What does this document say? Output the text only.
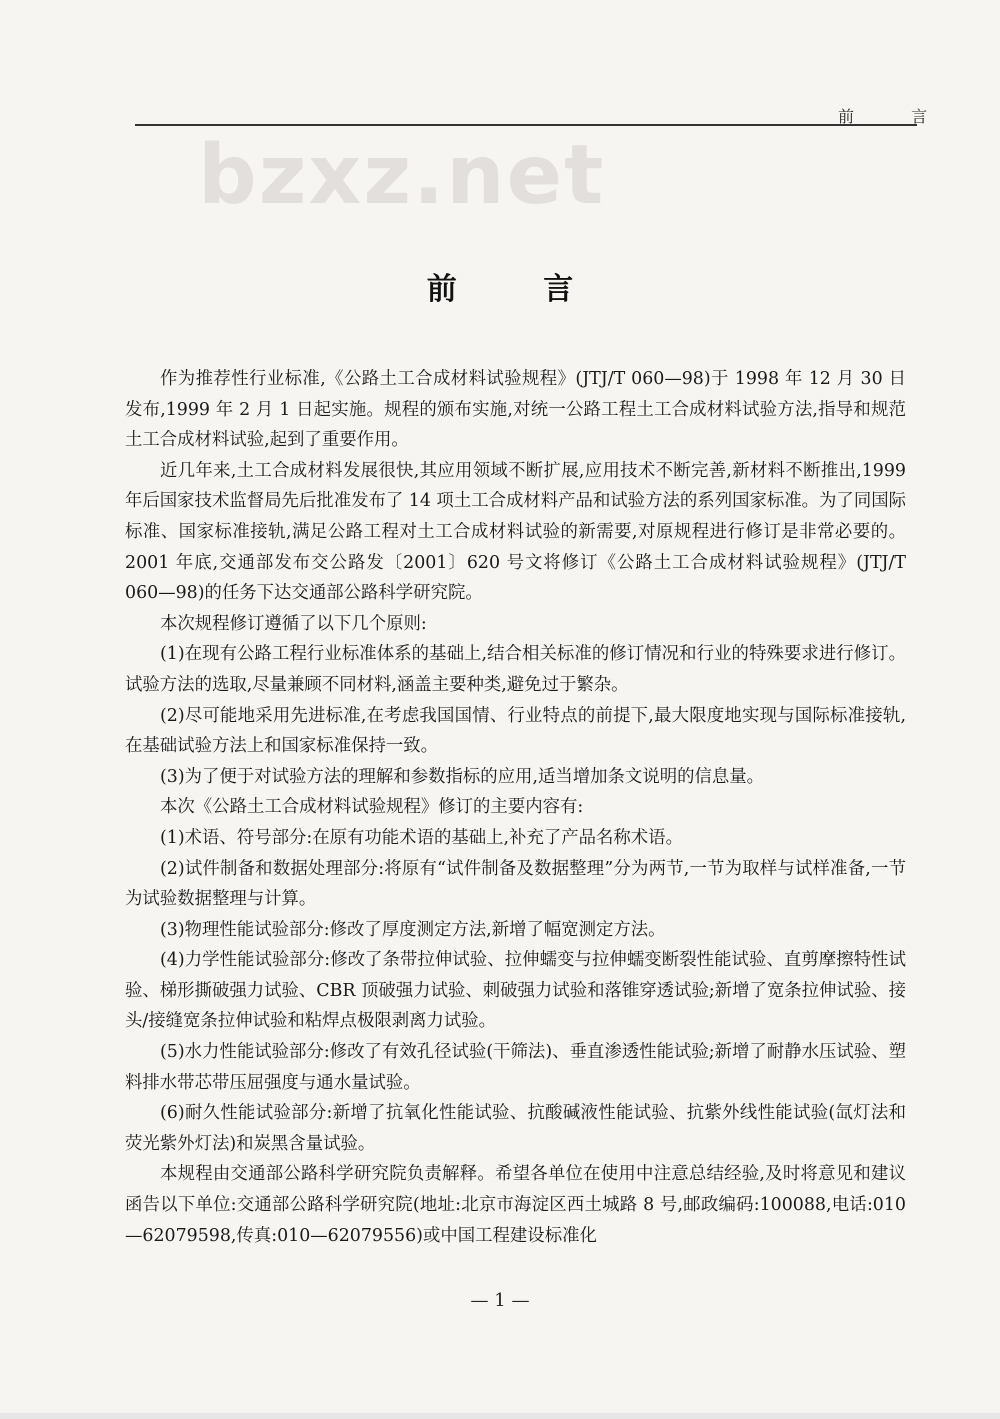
前 言
bzxz.net
前 言

作为推荐性行业标准,《公路土工合成材料试验规程》(JTJ/T 060—98)于 1998 年 12 月 30 日发布,1999 年 2 月 1 日起实施。规程的颁布实施,对统一公路工程土工合成材料试验方法,指导和规范土工合成材料试验,起到了重要作用。

近几年来,土工合成材料发展很快,其应用领域不断扩展,应用技术不断完善,新材料不断推出,1999 年后国家技术监督局先后批准发布了 14 项土工合成材料产品和试验方法的系列国家标准。为了同国际标准、国家标准接轨,满足公路工程对土工合成材料试验的新需要,对原规程进行修订是非常必要的。2001 年底,交通部发布交公路发〔2001〕620 号文将修订《公路土工合成材料试验规程》(JTJ/T 060—98)的任务下达交通部公路科学研究院。

本次规程修订遵循了以下几个原则:

(1)在现有公路工程行业标准体系的基础上,结合相关标准的修订情况和行业的特殊要求进行修订。试验方法的选取,尽量兼顾不同材料,涵盖主要种类,避免过于繁杂。

(2)尽可能地采用先进标准,在考虑我国国情、行业特点的前提下,最大限度地实现与国际标准接轨,在基础试验方法上和国家标准保持一致。

(3)为了便于对试验方法的理解和参数指标的应用,适当增加条文说明的信息量。

本次《公路土工合成材料试验规程》修订的主要内容有:

(1)术语、符号部分:在原有功能术语的基础上,补充了产品名称术语。

(2)试件制备和数据处理部分:将原有“试件制备及数据整理”分为两节,一节为取样与试样准备,一节为试验数据整理与计算。

(3)物理性能试验部分:修改了厚度测定方法,新增了幅宽测定方法。

(4)力学性能试验部分:修改了条带拉伸试验、拉伸蠕变与拉伸蠕变断裂性能试验、直剪摩擦特性试验、梯形撕破强力试验、CBR 顶破强力试验、刺破强力试验和落锥穿透试验;新增了宽条拉伸试验、接头/接缝宽条拉伸试验和粘焊点极限剥离力试验。

(5)水力性能试验部分:修改了有效孔径试验(干筛法)、垂直渗透性能试验;新增了耐静水压试验、塑料排水带芯带压屈强度与通水量试验。

(6)耐久性能试验部分:新增了抗氧化性能试验、抗酸碱液性能试验、抗紫外线性能试验(氙灯法和荧光紫外灯法)和炭黑含量试验。

本规程由交通部公路科学研究院负责解释。希望各单位在使用中注意总结经验,及时将意见和建议函告以下单位:交通部公路科学研究院(地址:北京市海淀区西土城路 8 号,邮政编码:100088,电话:010—62079598,传真:010—62079556)或中国工程建设标准化

— 1 —
